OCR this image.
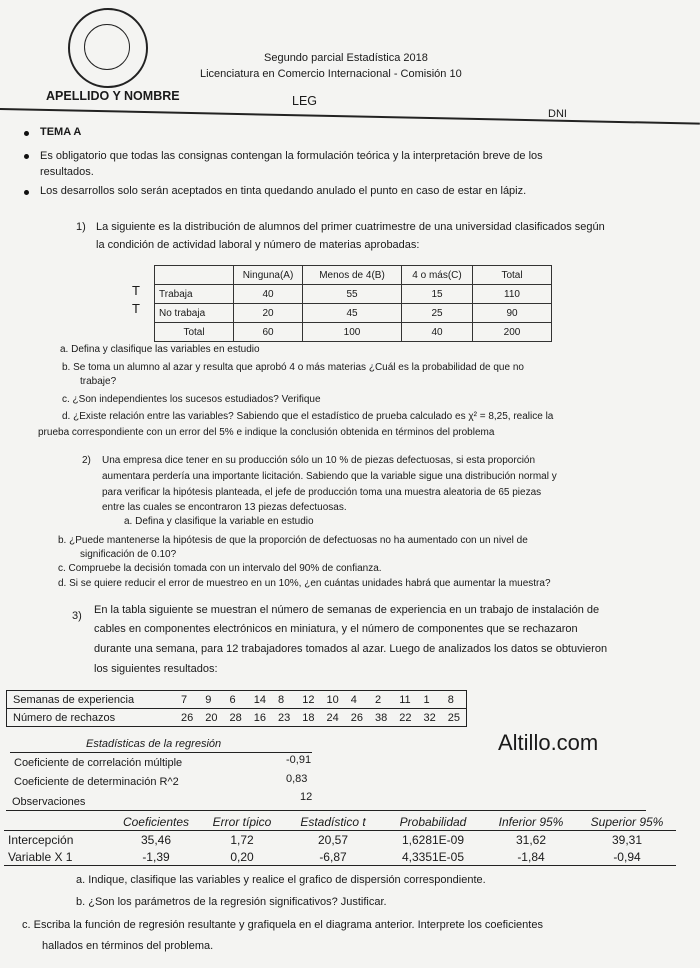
Segundo parcial Estadística 2018
Licenciatura en Comercio Internacional - Comisión 10
APELLIDO Y NOMBRE	LEG
DNI
TEMA A
Es obligatorio que todas las consignas contengan la formulación teórica y la interpretación breve de los
resultados.
Los desarrollos solo serán aceptados en tinta quedando anulado el punto en caso de estar en lápiz.
1) La siguiente es la distribución de alumnos del primer cuatrimestre de una universidad clasificados según
la condición de actividad laboral y número de materias aprobadas:
T
T
	Ninguna(A)	Menos de 4(B)	4 o más(C)	Total
Trabaja	40	55	15	110
No trabaja	20	45	25	90
Total	60	100	40	200
a. Defina y clasifique las variables en estudio
b. Se toma un alumno al azar y resulta que aprobó 4 o más materias ¿Cuál es la probabilidad de que no
trabaje?
c. ¿Son independientes los sucesos estudiados? Verifique
d. ¿Existe relación entre las variables? Sabiendo que el estadístico de prueba calculado es χ² = 8,25, realice la
prueba correspondiente con un error del 5% e indique la conclusión obtenida en términos del problema
2) Una empresa dice tener en su producción sólo un 10 % de piezas defectuosas, si esta proporción
aumentara perdería una importante licitación. Sabiendo que la variable sigue una distribución normal y
para verificar la hipótesis planteada, el jefe de producción toma una muestra aleatoria de 65 piezas
entre las cuales se encontraron 13 piezas defectuosas.
a. Defina y clasifique la variable en estudio
b. ¿Puede mantenerse la hipótesis de que la proporción de defectuosas no ha aumentado con un nivel de
significación de 0.10?
c. Compruebe la decisión tomada con un intervalo del 90% de confianza.
d. Si se quiere reducir el error de muestreo en un 10%, ¿en cuántas unidades habrá que aumentar la muestra?
3) En la tabla siguiente se muestran el número de semanas de experiencia en un trabajo de instalación de
cables en componentes electrónicos en miniatura, y el número de componentes que se rechazaron
durante una semana, para 12 trabajadores tomados al azar. Luego de analizados los datos se obtuvieron
los siguientes resultados:
Semanas de experiencia	7	9	6	14	8	12	10	4	2	11	1	8
Número de rechazos	26	20	28	16	23	18	24	26	38	22	32	25
Estadísticas de la regresión
Coeficiente de correlación múltiple	-0,91
Coeficiente de determinación R^2	0,83
Observaciones	12
Altillo.com
	Coeficientes	Error típico	Estadístico t	Probabilidad	Inferior 95%	Superior 95%
Intercepción	35,46	1,72	20,57	1,6281E-09	31,62	39,31
Variable X 1	-1,39	0,20	-6,87	4,3351E-05	-1,84	-0,94
a. Indique, clasifique las variables y realice el grafico de dispersión correspondiente.
b. ¿Son los parámetros de la regresión significativos? Justificar.
c. Escriba la función de regresión resultante y grafiquela en el diagrama anterior. Interprete los coeficientes
hallados en términos del problema.
